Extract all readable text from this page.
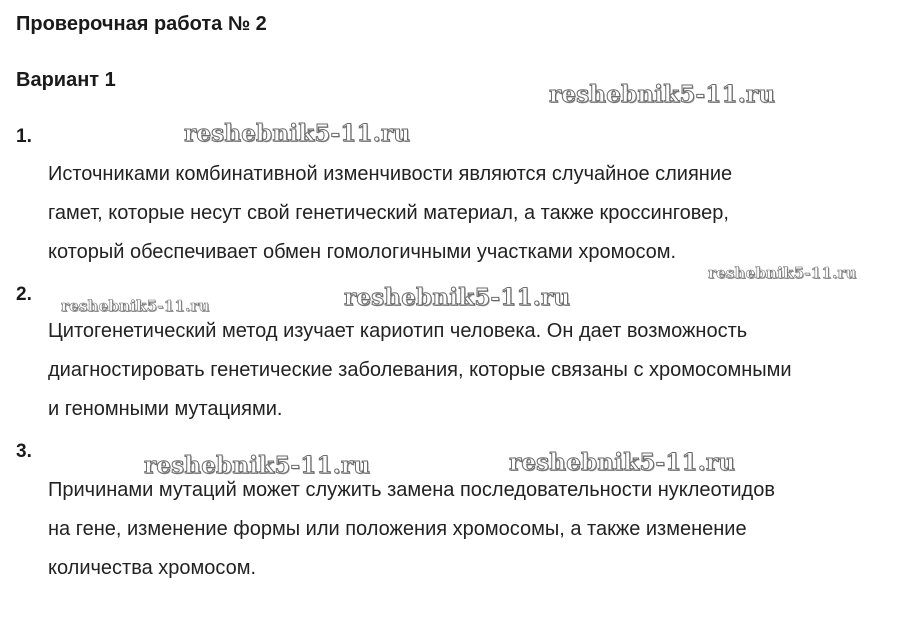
Проверочная работа № 2
Вариант 1
1.

Источниками комбинативной изменчивости являются случайное слияние
гамет, которые несут свой генетический материал, а также кроссинговер,
который обеспечивает обмен гомологичными участками хромосом.

2.

Цитогенетический метод изучает кариотип человека. Он дает возможность
диагностировать генетические заболевания, которые связаны с хромосомными
и геномными мутациями.

3.

Причинами мутаций может служить замена последовательности нуклеотидов
на гене, изменение формы или положения хромосомы, а также изменение
количества хромосом.

reshebnik5-11.ru
reshebnik5-11.ru
reshebnik5-11.ru
reshebnik5-11.ru	reshebnik5-11.ru
reshebnik5-11.ru	reshebnik5-11.ru
